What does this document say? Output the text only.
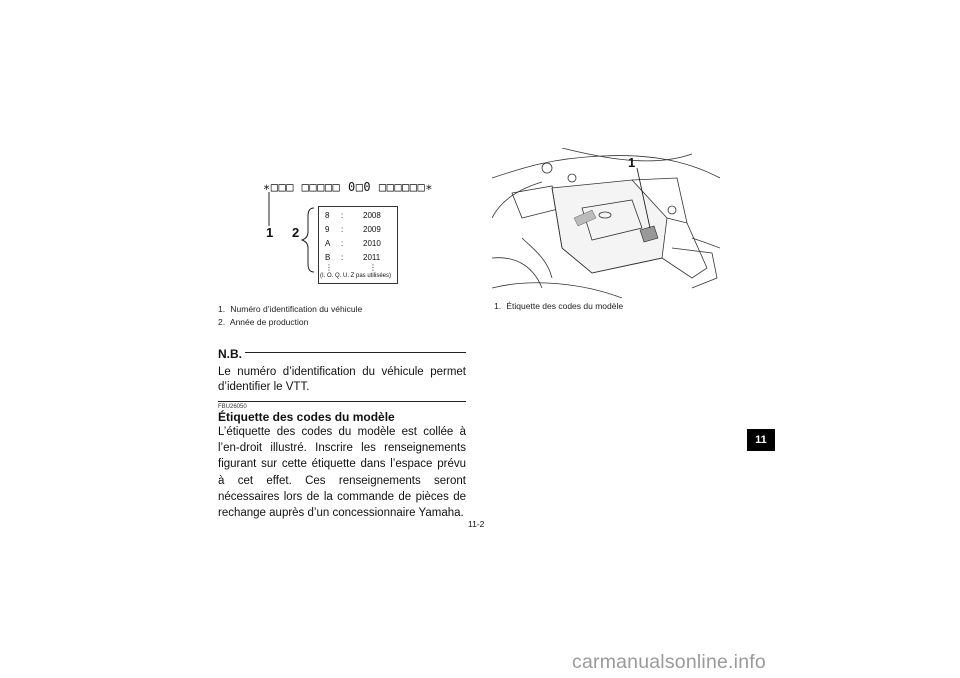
∗□□□ □□□□□ 0□0 □□□□□□∗
1 2
8 : 2008
9 : 2009
A : 2010
B : 2011
⋮	⋮
(I. O. Q. U. Z pas utilisées)
1. Numéro d’identification du véhicule
2. Année de production
N.B.
Le numéro d’identification du véhicule permet d’identifier le VTT.
FBU26050
Étiquette des codes du modèle
L’étiquette des codes du modèle est collée à l’en-droit illustré. Inscrire les renseignements figurant sur cette étiquette dans l’espace prévu à cet effet. Ces renseignements seront nécessaires lors de la commande de pièces de rechange auprès d’un concessionnaire Yamaha.
1
1. Étiquette des codes du modèle
11-2
11
carmanualsonline.info
